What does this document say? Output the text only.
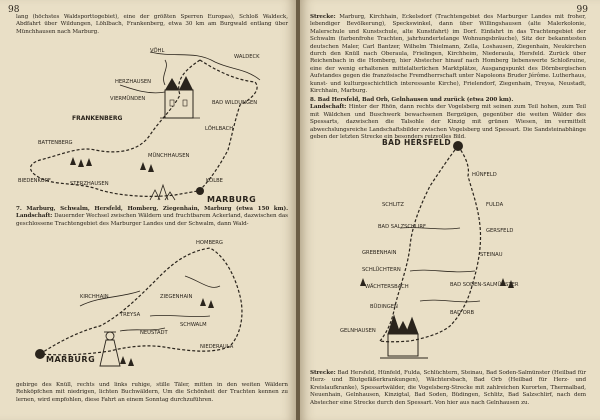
98
lang (höchstes Waldsporttogebiet), eine der größten Sperren Europas), Schloß Waldeck, Abdfahrt über Wildungen, Löhlbach, Frankenberg, etwa 30 km am Burgwald entlang über Münchhausen nach Marburg.
VÖHL
WALDECK
HERZHAUSEN
VIERMÜNDEN
FRANKENBERG
BAD WILDUNGEN
LÖHLBACH
BATTENBERG
MÜNCHHAUSEN
BIEDENKOPF	STERZHAUSEN	KÖLBE
MARBURG
7. Marburg, Schwalm, Hersfeld, Homberg, Ziegenhain, Marburg (etwa 150 km). Landschaft: Dauernder Wechsel zwischen Wäldern und fruchtbarem Ackerland, dazwischen das geschlossene Trachtengebiet des Marburger Landes und der Schwalm, dann Wald-
HOMBERG
KIRCHHAIN	ZIEGENHAIN
TREYSA
NEUSTADT
SCHWALM
NIEDERAULA
MARBURG
gebirge des Knüll, rechts und links ruhige, stille Täler, mitten in den weiten Wäldern Rehköpfchen mit niedrigen, lichten Buchwäldern, Um die Schönheit der Trachten kennen zu lernen, wird empfohlen, diese Fahrt an einem Sonntag durchzuführen.
99
Strecke: Marburg, Kirchhain, Eckelsdorf (Trachtengebiet des Marburger Landes mit froher, lebendiger Bevölkerung), Speckswinkel, dann über Willingshausen (alte Malerkolonie, Malerschule und Kunstschule, alte Kunstfahrt) im Dorf. Einfahrt in das Trachtengebiet der Schwalm (farbenfrohe Trachten, jahrhundertelange Wohnungsbräuche), Sitz der bekanntesten deutschen Maler, Carl Bantzer, Wilhelm Thielmann, Zella, Loshausen, Ziegenhain, Neukirchen durch den Knüll nach Oberaula, Frielingen, Kirchheim, Niederaula, Hersfeld. Zurück über Reichenbach in die Homberg, hier Abstecher hinauf nach Homberg liebenswerte Schloßruine, eine der wenig erhaltenen mittelalterlichen Marktplätze, Ausgangspunkt des Dörnbergischen Aufstandes gegen die französische Fremdherrschaft unter Napoleons Bruder Jérôme. Lutherhaus, kunst- und kulturgeschichtlich interessante Kirche), Frielendorf, Ziegenhain, Treysa, Neustadt, Kirchhain, Marburg.
8. Bad Hersfeld, Bad Orb, Gelnhausen und zurück (etwa 200 km).
Landschaft: Hinter der Rhön, dann rechts der Vogelsberg mit seinen zum Teil hohen, zum Teil mit Wäldchen und Buschwerk bewachsenen Bergzügen, gegenüber die weiten Wälder des Spessarts, dazwischen die Talsohle der Kinzig mit grünen Wiesen, im vermittelt abwechslungsreiche Landschaftsbilder zwischen Vogelsberg und Spessart. Die Sandsteinabhänge geben der letzten Strecke ein besonders reizvolles Bild.
BAD HERSFELD
HÜNFELD
SCHLITZ	FULDA
BAD SALZSCHLIRF
GERSFELD
GREBENHAIN	STEINAU
SCHLÜCHTERN
WÄCHTERSBACH	BAD SODEN-SALMÜNSTER
BÜDINGEN
BAD ORB
GELNHAUSEN
Strecke: Bad Hersfeld, Hünfeld, Fulda, Schlüchtern, Steinau, Bad Soden-Salmünster (Heilbad für Herz- und Blutgefäßerkrankungen), Wächtersbach, Bad Orb (Heilbad für Herz- und Kreislaufkranke), Spessartwälder, die Vogelsberg-Strecke mit zahlreichen Kurorten, Thermalbad, Neuenhain, Gelnhausen, Kinzigtal, Bad Soden, Büdingen, Schlitz, Bad Salzschlirf, nach dem Abstecher eine Strecke durch den Spessart. Von hier aus nach Gelnhausen zu.
